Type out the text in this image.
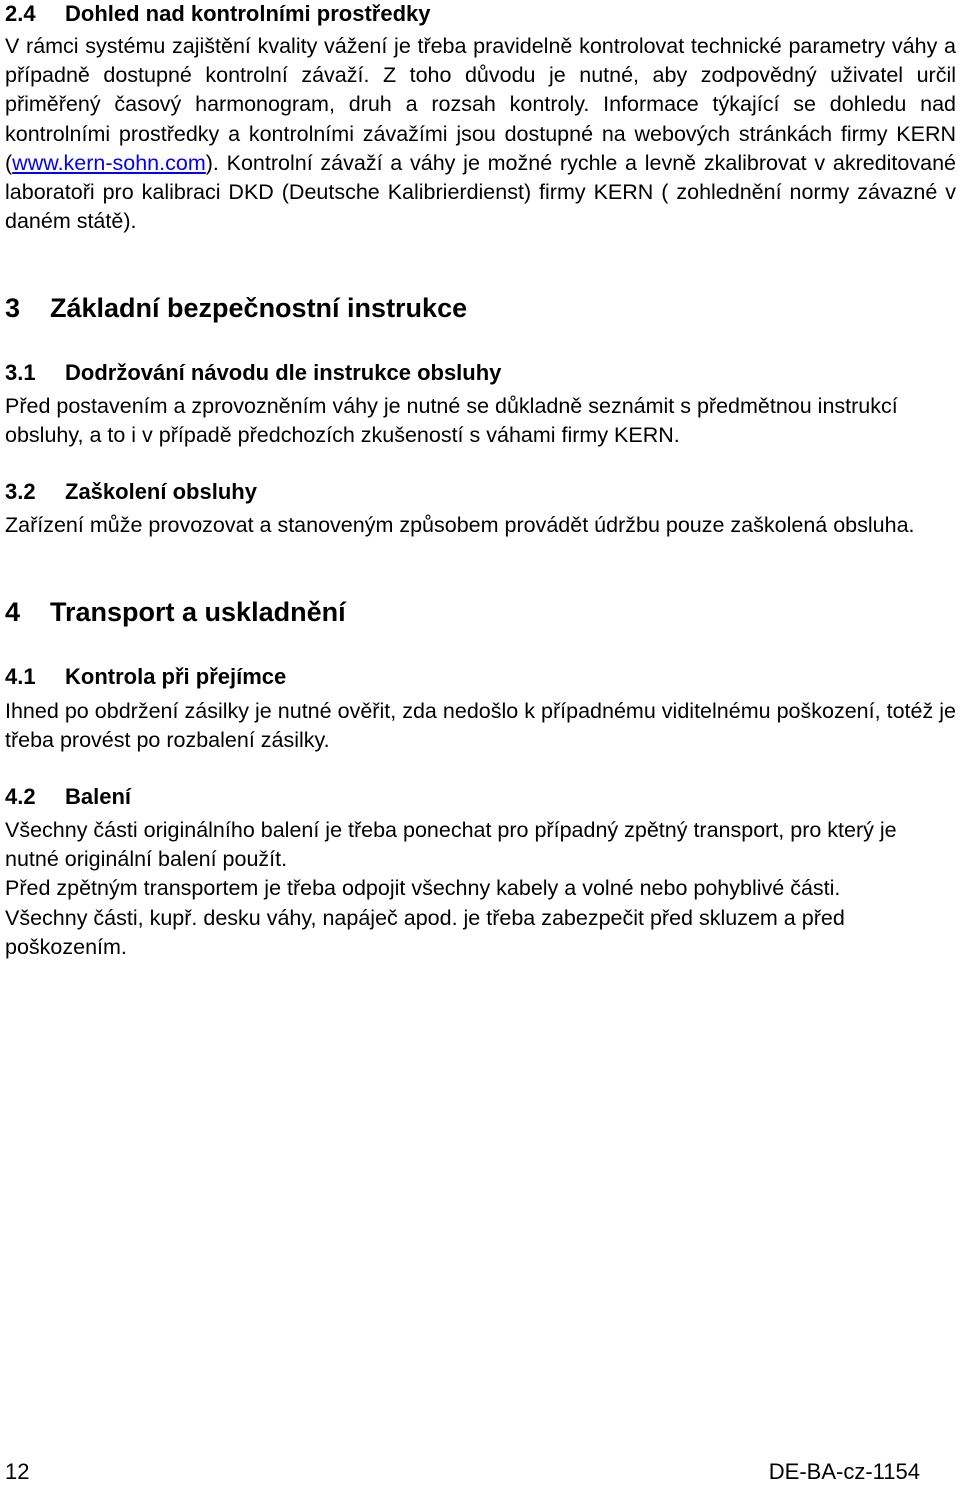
2.4 Dohled nad kontrolními prostředky

V rámci systému zajištění kvality vážení je třeba pravidelně kontrolovat technické parametry váhy a případně dostupné kontrolní závaží. Z toho důvodu je nutné, aby zodpovědný uživatel určil přiměřený časový harmonogram, druh a rozsah kontroly. Informace týkající se dohledu nad kontrolními prostředky a kontrolními závažími jsou dostupné na webových stránkách firmy KERN (www.kern-sohn.com). Kontrolní závaží a váhy je možné rychle a levně zkalibrovat v akreditované laboratoři pro kalibraci DKD (Deutsche Kalibrierdienst) firmy KERN ( zohlednění normy závazné v daném státě).

3 Základní bezpečnostní instrukce
3.1 Dodržování návodu dle instrukce obsluhy

Před postavením a zprovozněním váhy je nutné se důkladně seznámit s předmětnou instrukcí obsluhy, a to i v případě předchozích zkušeností s váhami firmy KERN.

3.2 Zaškolení obsluhy

Zařízení může provozovat a stanoveným způsobem provádět údržbu pouze zaškolená obsluha.

4 Transport a uskladnění
4.1 Kontrola při přejímce

Ihned po obdržení zásilky je nutné ověřit, zda nedošlo k případnému viditelnému poškození, totéž je třeba provést po rozbalení zásilky.

4.2 Balení

Všechny části originálního balení je třeba ponechat pro případný zpětný transport, pro který je nutné originální balení použít.

Před zpětným transportem je třeba odpojit všechny kabely a volné nebo pohyblivé části.

Všechny části, kupř. desku váhy, napáječ apod. je třeba zabezpečit před skluzem a před poškozením.

12	DE-BA-cz-1154
